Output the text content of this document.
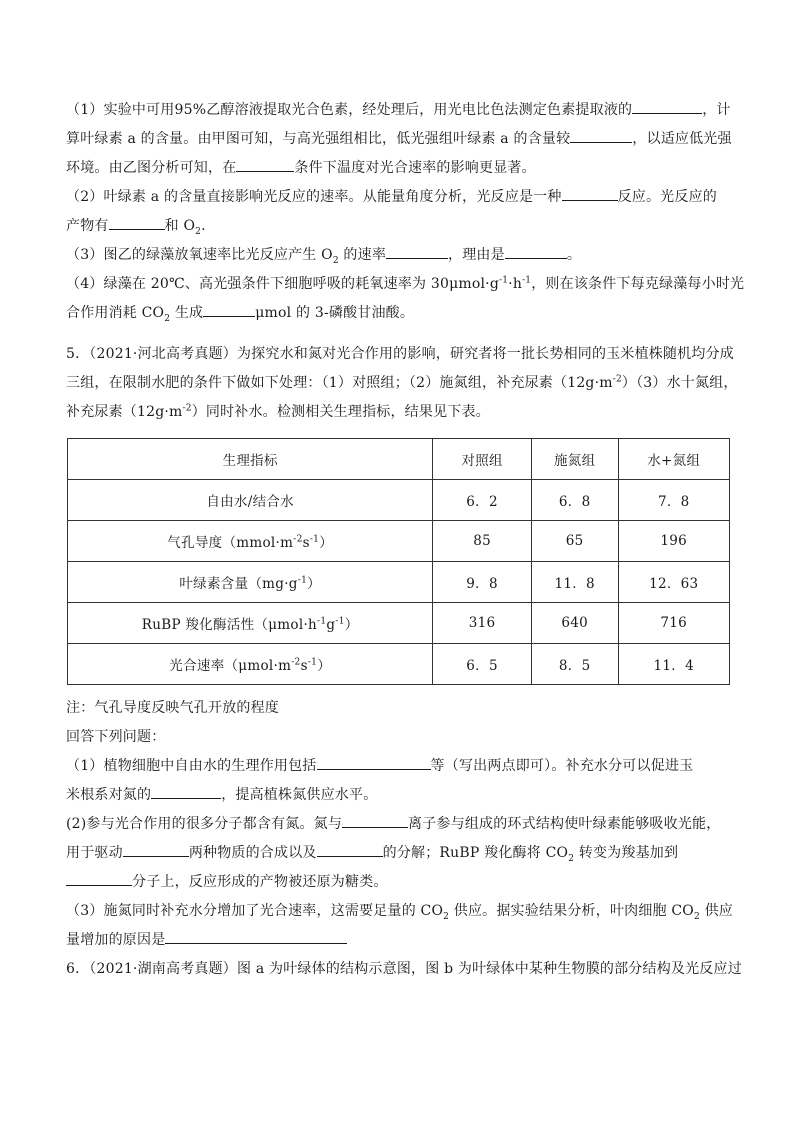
（1）实验中可用95%乙醇溶液提取光合色素，经处理后，用光电比色法测定色素提取液的	，计

算叶绿素 a 的含量。由甲图可知，与高光强组相比，低光强组叶绿素 a 的含量较	，以适应低光强

环境。由乙图分析可知，在	条件下温度对光合速率的影响更显著。

（2）叶绿素 a 的含量直接影响光反应的速率。从能量角度分析，光反应是一种	反应。光反应的

产物有	和 $O_2$.

（3）图乙的绿藻放氧速率比光反应产生 $O_2$ 的速率	，理由是	。

（4）绿藻在 20℃、高光强条件下细胞呼吸的耗氧速率为 $30\mu mol\cdot g^{-1}\cdot h^{-1}$，则在该条件下每克绿藻每小时光

合作用消耗 $CO_2$ 生成	μmol 的 3-磷酸甘油酸。

5．（2021·河北高考真题）为探究水和氮对光合作用的影响，研究者将一批长势相同的玉米植株随机均分成

三组，在限制水肥的条件下做如下处理：（1）对照组；（2）施氮组，补充尿素$(12g\cdot m^{-2})(3)$水十氮组，

补充尿素$(12g\cdot m^{-2})$同时补水。检测相关生理指标，结果见下表。

生理指标	对照组	施氮组	水+氮组
自由水/结合水	6．2	6．8	7．8
气孔导度$(mmol\cdot m^{-2}s^{-1})$	85	65	196
叶绿素含量$(mg\cdot g^{-1})$	9．8	11．8	12．63
RuBP 羧化酶活性$(\mu mol\cdot h^{-1}g^{-1})$	316	640	716
光合速率$(\mu mol\cdot m^{-2}s^{-1})$	6．5	8．5	11．4

注：气孔导度反映气孔开放的程度

回答下列问题：

（1）植物细胞中自由水的生理作用包括	等（写出两点即可）。补充水分可以促进玉

米根系对氮的	，提高植株氮供应水平。

(2)参与光合作用的很多分子都含有氮。氮与	离子参与组成的环式结构使叶绿素能够吸收光能，

用于驱动	两种物质的合成以及	的分解；RuBP 羧化酶将 $CO_2$ 转变为羧基加到

分子上，反应形成的产物被还原为糖类。

（3）施氮同时补充水分增加了光合速率，这需要足量的 $CO_2$ 供应。据实验结果分析，叶肉细胞 $CO_2$ 供应

量增加的原因是

6．（2021·湖南高考真题）图 a 为叶绿体的结构示意图，图 b 为叶绿体中某种生物膜的部分结构及光反应过
